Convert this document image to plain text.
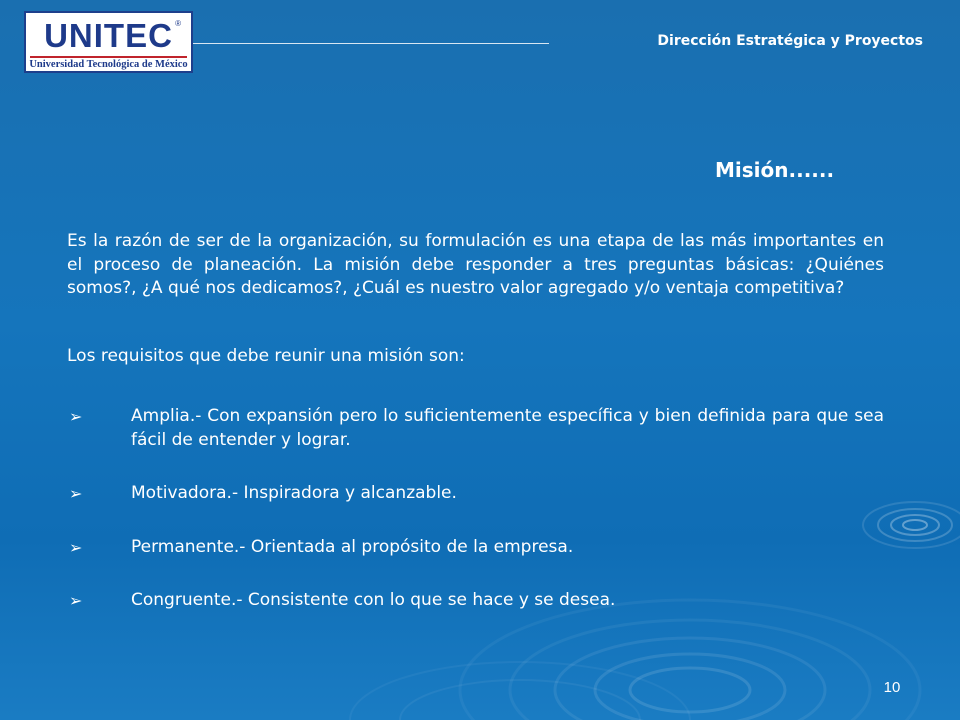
UNITEC ®
Universidad Tecnológica de México
Dirección Estratégica y Proyectos
Misión......

Es la razón de ser de la organización, su formulación es una etapa de las más importantes en el proceso de planeación. La misión debe responder a tres preguntas básicas: ¿Quiénes somos?, ¿A qué nos dedicamos?, ¿Cuál es nuestro valor agregado y/o ventaja competitiva?

Los requisitos que debe reunir una misión son:

➢	Amplia.- Con expansión pero lo suficientemente específica y bien definida para que sea fácil de entender y lograr.
➢	Motivadora.- Inspiradora y alcanzable.
➢	Permanente.- Orientada al propósito de la empresa.
➢	Congruente.- Consistente con lo que se hace y se desea.
10
